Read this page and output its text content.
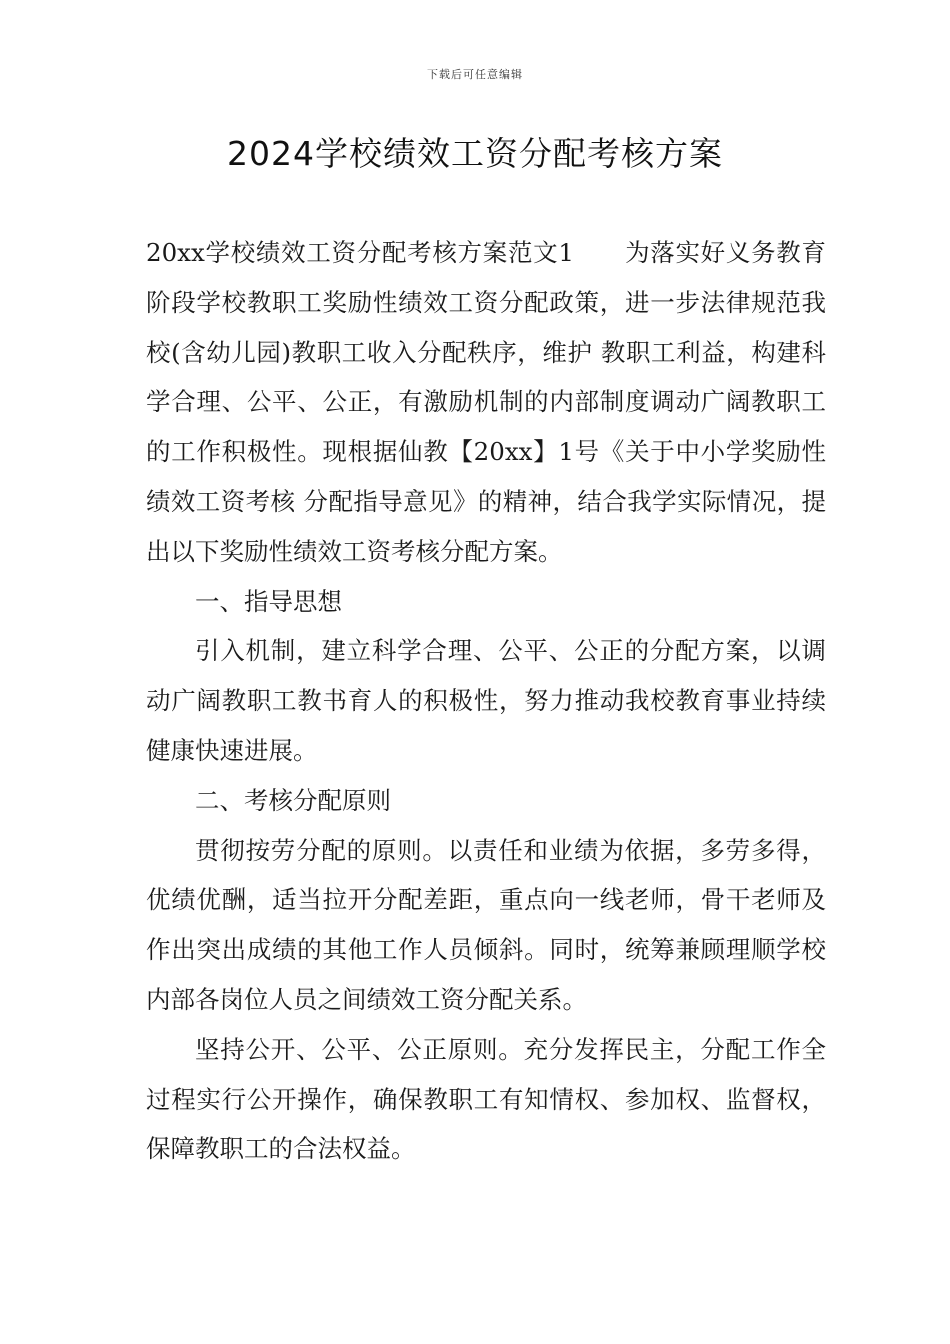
下载后可任意编辑
2024学校绩效工资分配考核方案

20xx学校绩效工资分配考核方案范文1　　为落实好义务教育阶段学校教职工奖励性绩效工资分配政策，进一步法律规范我校(含幼儿园)教职工收入分配秩序，维护 教职工利益，构建科学合理、公平、公正，有激励机制的内部制度调动广阔教职工的工作积极性。现根据仙教【20xx】1号《关于中小学奖励性绩效工资考核 分配指导意见》的精神，结合我学实际情况，提出以下奖励性绩效工资考核分配方案。

一、指导思想

引入机制，建立科学合理、公平、公正的分配方案，以调动广阔教职工教书育人的积极性，努力推动我校教育事业持续健康快速进展。

二、考核分配原则

贯彻按劳分配的原则。以责任和业绩为依据，多劳多得，优绩优酬，适当拉开分配差距，重点向一线老师，骨干老师及作出突出成绩的其他工作人员倾斜。同时，统筹兼顾理顺学校内部各岗位人员之间绩效工资分配关系。

坚持公开、公平、公正原则。充分发挥民主，分配工作全过程实行公开操作，确保教职工有知情权、参加权、监督权，保障教职工的合法权益。
